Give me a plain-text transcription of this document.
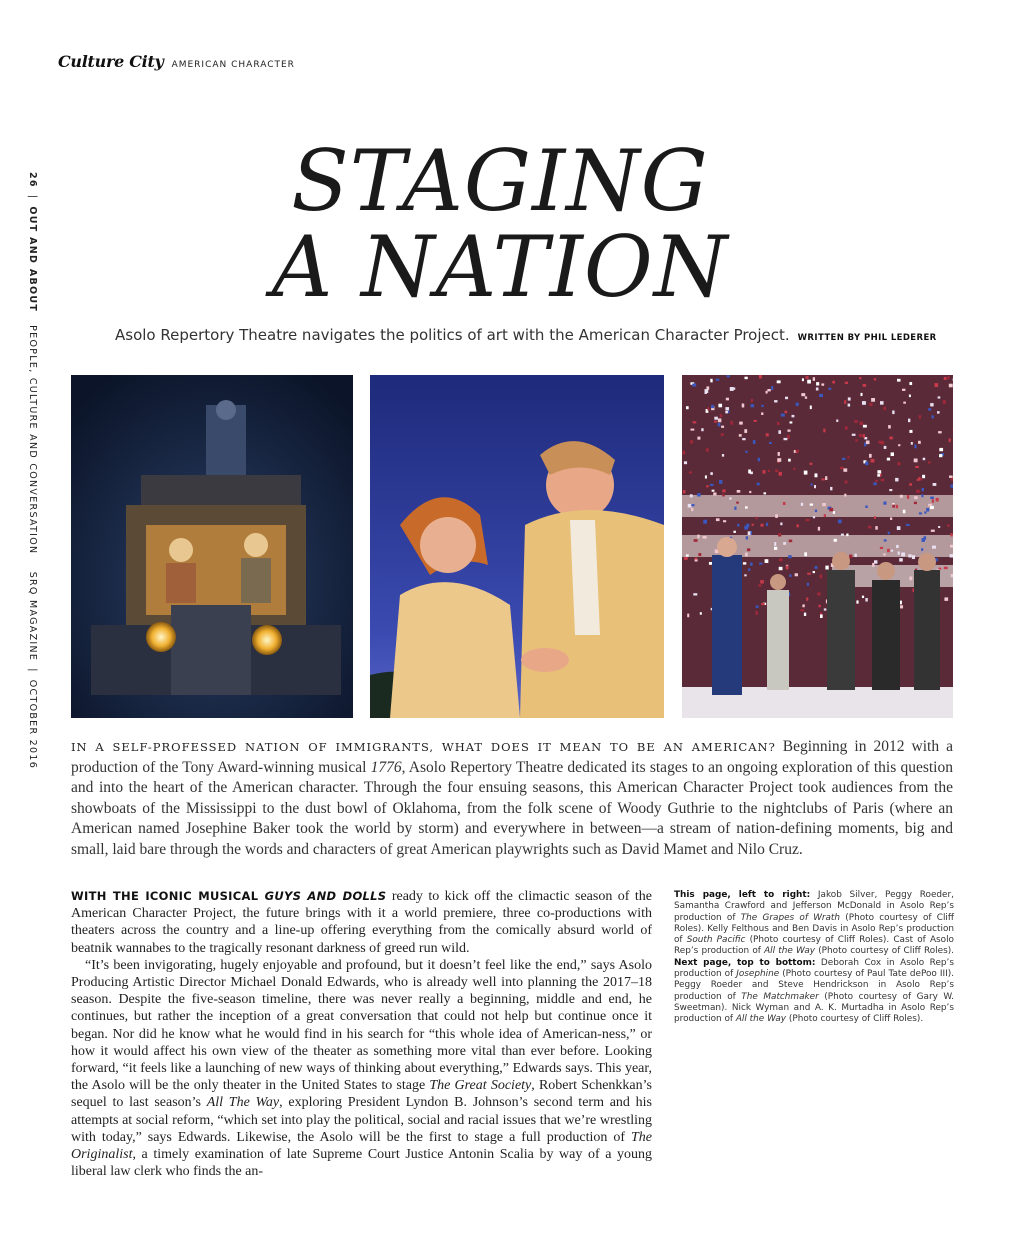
Culture City AMERICAN CHARACTER
26|OUT AND ABOUT   PEOPLE, CULTURE AND CONVERSATION    SRQ MAGAZINE|OCTOBER 2016
STAGING
A NATION
Asolo Repertory Theatre navigates the politics of art with the American Character Project. WRITTEN BY PHIL LEDERER
IN A SELF-PROFESSED NATION OF IMMIGRANTS, WHAT DOES IT MEAN TO BE AN AMERICAN? Beginning in 2012 with a production of the Tony Award-winning musical 1776, Asolo Repertory Theatre dedicated its stages to an ongoing exploration of this question and into the heart of the American character. Through the four ensuing seasons, this American Character Project took audiences from the showboats of the Mississippi to the dust bowl of Oklahoma, from the folk scene of Woody Guthrie to the nightclubs of Paris (where an American named Josephine Baker took the world by storm) and everywhere in between—a stream of nation-defining moments, big and small, laid bare through the words and characters of great American playwrights such as David Mamet and Nilo Cruz.

WITH THE ICONIC MUSICAL GUYS AND DOLLS ready to kick off the climactic season of the American Character Project, the future brings with it a world premiere, three co-productions with theaters across the country and a line-up offering everything from the comically absurd world of beatnik wannabes to the tragically resonant darkness of greed run wild.

“It’s been invigorating, hugely enjoyable and profound, but it doesn’t feel like the end,” says Asolo Producing Artistic Director Michael Donald Edwards, who is already well into planning the 2017–18 season. Despite the five-season timeline, there was never really a beginning, middle and end, he continues, but rather the inception of a great conversation that could not help but continue once it began. Nor did he know what he would find in his search for “this whole idea of American-ness,” or how it would affect his own view of the theater as something more vital than ever before. Looking forward, “it feels like a launching of new ways of thinking about everything,” Edwards says. This year, the Asolo will be the only theater in the United States to stage The Great Society, Robert Schenkkan’s sequel to last season’s All The Way, exploring President Lyndon B. Johnson’s second term and his attempts at social reform, “which set into play the political, social and racial issues that we’re wrestling with today,” says Edwards. Likewise, the Asolo will be the first to stage a full production of The Originalist, a timely examination of late Supreme Court Justice Antonin Scalia by way of a young liberal law clerk who finds the an-

This page, left to right: Jakob Silver, Peggy Roeder, Samantha Crawford and Jefferson McDonald in Asolo Rep’s production of The Grapes of Wrath (Photo courtesy of Cliff Roles). Kelly Felthous and Ben Davis in Asolo Rep’s production of South Pacific (Photo courtesy of Cliff Roles). Cast of Asolo Rep’s production of All the Way (Photo courtesy of Cliff Roles). Next page, top to bottom: Deborah Cox in Asolo Rep’s production of Josephine (Photo courtesy of Paul Tate dePoo III). Peggy Roeder and Steve Hendrickson in Asolo Rep’s production of The Matchmaker (Photo courtesy of Gary W. Sweetman). Nick Wyman and A. K. Murtadha in Asolo Rep’s production of All the Way (Photo courtesy of Cliff Roles).
